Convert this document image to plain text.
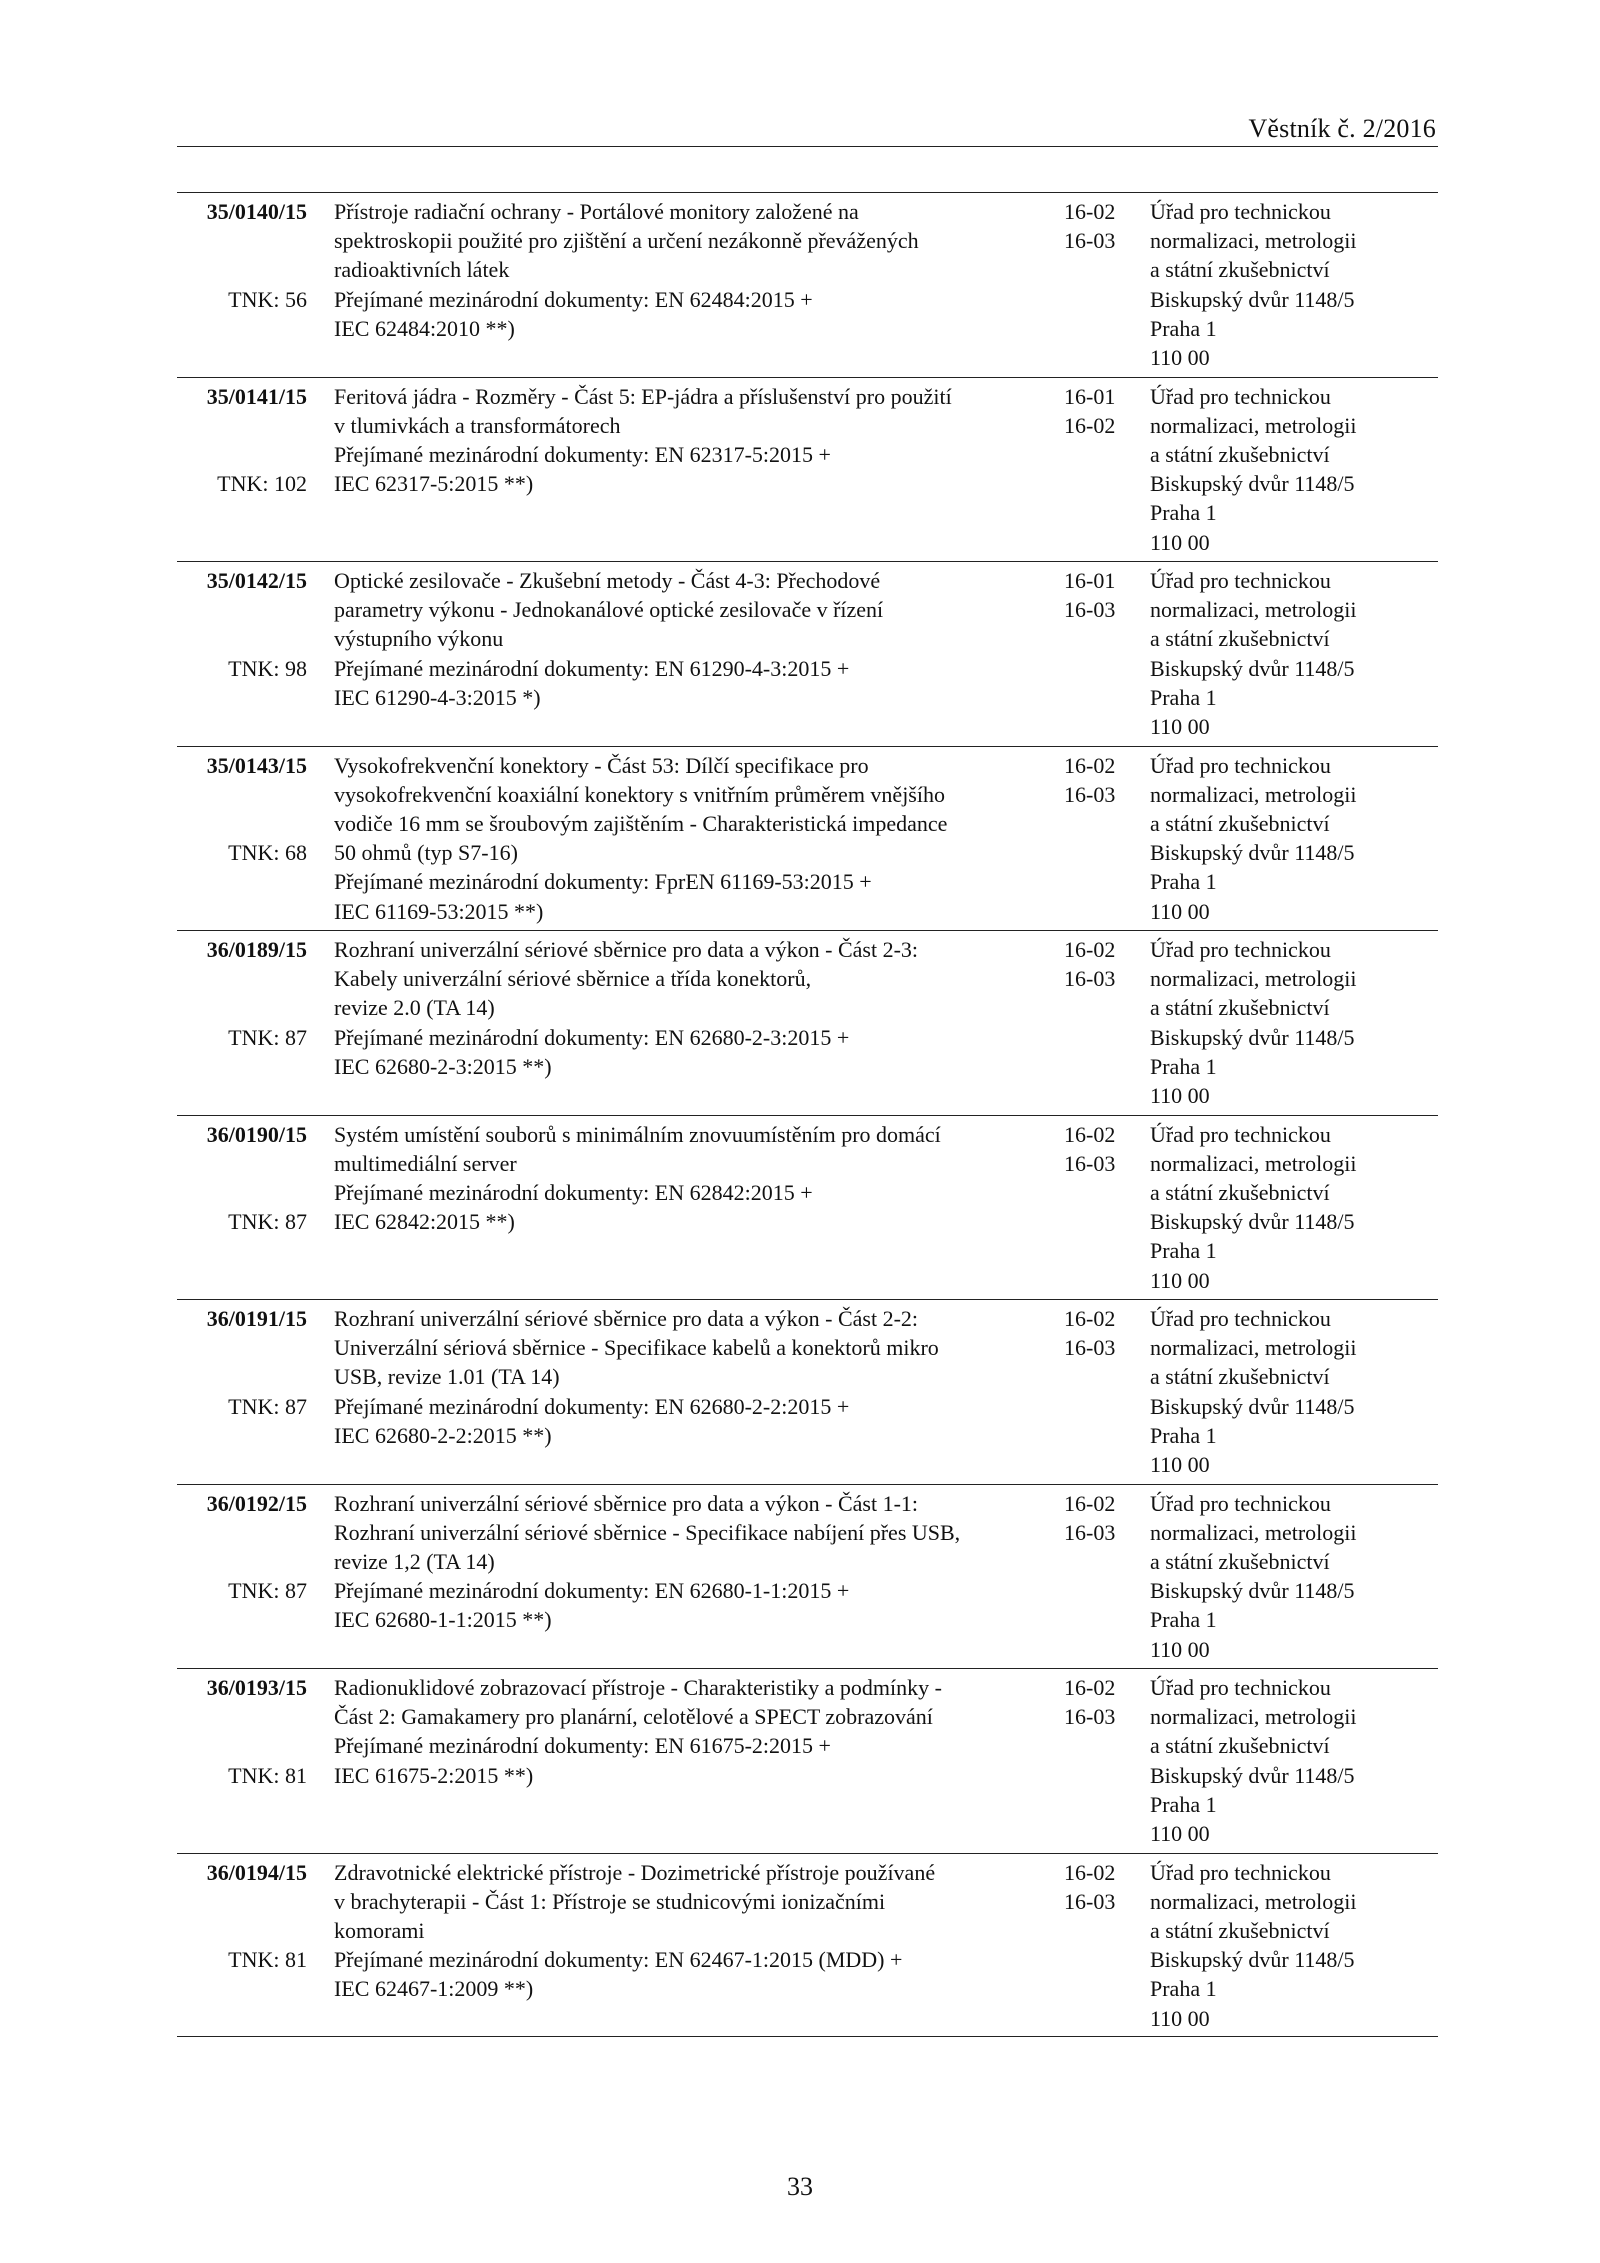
Věstník č. 2/2016
35/0140/15
TNK: 56
Přístroje radiační ochrany - Portálové monitory založené na
spektroskopii použité pro zjištění a určení nezákonně převážených
radioaktivních látek
Přejímané mezinárodní dokumenty: EN 62484:2015 +
IEC 62484:2010 **)
16-02
16-03
Úřad pro technickou
normalizaci, metrologii
a státní zkušebnictví
Biskupský dvůr 1148/5
Praha 1
110 00
35/0141/15
TNK: 102
Feritová jádra - Rozměry - Část 5: EP-jádra a příslušenství pro použití
v tlumivkách a transformátorech
Přejímané mezinárodní dokumenty: EN 62317-5:2015 +
IEC 62317-5:2015 **)
16-01
16-02
Úřad pro technickou
normalizaci, metrologii
a státní zkušebnictví
Biskupský dvůr 1148/5
Praha 1
110 00
35/0142/15
TNK: 98
Optické zesilovače - Zkušební metody - Část 4-3: Přechodové
parametry výkonu - Jednokanálové optické zesilovače v řízení
výstupního výkonu
Přejímané mezinárodní dokumenty: EN 61290-4-3:2015 +
IEC 61290-4-3:2015 *)
16-01
16-03
Úřad pro technickou
normalizaci, metrologii
a státní zkušebnictví
Biskupský dvůr 1148/5
Praha 1
110 00
35/0143/15
TNK: 68
Vysokofrekvenční konektory - Část 53: Dílčí specifikace pro
vysokofrekvenční koaxiální konektory s vnitřním průměrem vnějšího
vodiče 16 mm se šroubovým zajištěním - Charakteristická impedance
50 ohmů (typ S7-16)
Přejímané mezinárodní dokumenty: FprEN 61169-53:2015 +
IEC 61169-53:2015 **)
16-02
16-03
Úřad pro technickou
normalizaci, metrologii
a státní zkušebnictví
Biskupský dvůr 1148/5
Praha 1
110 00
36/0189/15
TNK: 87
Rozhraní univerzální sériové sběrnice pro data a výkon - Část 2-3:
Kabely univerzální sériové sběrnice a třída konektorů,
revize 2.0 (TA 14)
Přejímané mezinárodní dokumenty: EN 62680-2-3:2015 +
IEC 62680-2-3:2015 **)
16-02
16-03
Úřad pro technickou
normalizaci, metrologii
a státní zkušebnictví
Biskupský dvůr 1148/5
Praha 1
110 00
36/0190/15
TNK: 87
Systém umístění souborů s minimálním znovuumístěním pro domácí
multimediální server
Přejímané mezinárodní dokumenty: EN 62842:2015 +
IEC 62842:2015 **)
16-02
16-03
Úřad pro technickou
normalizaci, metrologii
a státní zkušebnictví
Biskupský dvůr 1148/5
Praha 1
110 00
36/0191/15
TNK: 87
Rozhraní univerzální sériové sběrnice pro data a výkon - Část 2-2:
Univerzální sériová sběrnice - Specifikace kabelů a konektorů mikro
USB, revize 1.01 (TA 14)
Přejímané mezinárodní dokumenty: EN 62680-2-2:2015 +
IEC 62680-2-2:2015 **)
16-02
16-03
Úřad pro technickou
normalizaci, metrologii
a státní zkušebnictví
Biskupský dvůr 1148/5
Praha 1
110 00
36/0192/15
TNK: 87
Rozhraní univerzální sériové sběrnice pro data a výkon - Část 1-1:
Rozhraní univerzální sériové sběrnice - Specifikace nabíjení přes USB,
revize 1,2 (TA 14)
Přejímané mezinárodní dokumenty: EN 62680-1-1:2015 +
IEC 62680-1-1:2015 **)
16-02
16-03
Úřad pro technickou
normalizaci, metrologii
a státní zkušebnictví
Biskupský dvůr 1148/5
Praha 1
110 00
36/0193/15
TNK: 81
Radionuklidové zobrazovací přístroje - Charakteristiky a podmínky -
Část 2: Gamakamery pro planární, celotělové a SPECT zobrazování
Přejímané mezinárodní dokumenty: EN 61675-2:2015 +
IEC 61675-2:2015 **)
16-02
16-03
Úřad pro technickou
normalizaci, metrologii
a státní zkušebnictví
Biskupský dvůr 1148/5
Praha 1
110 00
36/0194/15
TNK: 81
Zdravotnické elektrické přístroje - Dozimetrické přístroje používané
v brachyterapii - Část 1: Přístroje se studnicovými ionizačními
komorami
Přejímané mezinárodní dokumenty: EN 62467-1:2015 (MDD) +
IEC 62467-1:2009 **)
16-02
16-03
Úřad pro technickou
normalizaci, metrologii
a státní zkušebnictví
Biskupský dvůr 1148/5
Praha 1
110 00
33
